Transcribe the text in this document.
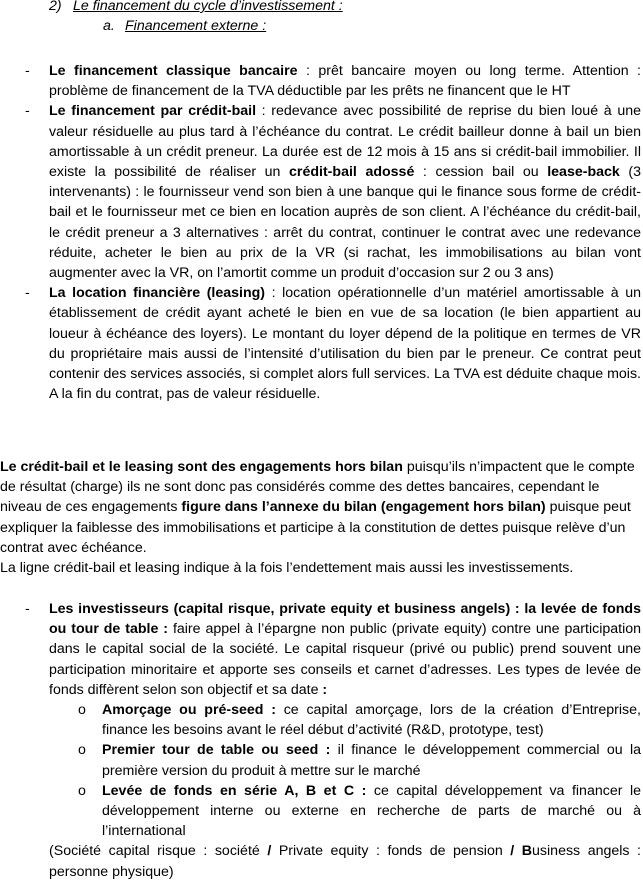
2) Le financement du cycle d’investissement :
a. Financement externe :
- Le financement classique bancaire : prêt bancaire moyen ou long terme. Attention : problème de financement de la TVA déductible par les prêts ne financent que le HT
- Le financement par crédit-bail : redevance avec possibilité de reprise du bien loué à une valeur résiduelle au plus tard à l’échéance du contrat. Le crédit bailleur donne à bail un bien amortissable à un crédit preneur. La durée est de 12 mois à 15 ans si crédit-bail immobilier. Il existe la possibilité de réaliser un crédit-bail adossé : cession bail ou lease-back (3 intervenants) : le fournisseur vend son bien à une banque qui le finance sous forme de crédit-bail et le fournisseur met ce bien en location auprès de son client. A l’échéance du crédit-bail, le crédit preneur a 3 alternatives : arrêt du contrat, continuer le contrat avec une redevance réduite, acheter le bien au prix de la VR (si rachat, les immobilisations au bilan vont augmenter avec la VR, on l’amortit comme un produit d’occasion sur 2 ou 3 ans)
- La location financière (leasing) : location opérationnelle d’un matériel amortissable à un établissement de crédit ayant acheté le bien en vue de sa location (le bien appartient au loueur à échéance des loyers). Le montant du loyer dépend de la politique en termes de VR du propriétaire mais aussi de l’intensité d’utilisation du bien par le preneur. Ce contrat peut contenir des services associés, si complet alors full services. La TVA est déduite chaque mois. A la fin du contrat, pas de valeur résiduelle.

Le crédit-bail et le leasing sont des engagements hors bilan puisqu’ils n’impactent que le compte de résultat (charge) ils ne sont donc pas considérés comme des dettes bancaires, cependant le niveau de ces engagements figure dans l’annexe du bilan (engagement hors bilan) puisque peut expliquer la faiblesse des immobilisations et participe à la constitution de dettes puisque relève d’un contrat avec échéance.

La ligne crédit-bail et leasing indique à la fois l’endettement mais aussi les investissements.

- Les investisseurs (capital risque, private equity et business angels) : la levée de fonds ou tour de table : faire appel à l’épargne non public (private equity) contre une participation dans le capital social de la société. Le capital risqueur (privé ou public) prend souvent une participation minoritaire et apporte ses conseils et carnet d’adresses. Les types de levée de fonds diffèrent selon son objectif et sa date :
o Amorçage ou pré-seed : ce capital amorçage, lors de la création d’Entreprise, finance les besoins avant le réel début d’activité (R&D, prototype, test)
o Premier tour de table ou seed : il finance le développement commercial ou la première version du produit à mettre sur le marché
o Levée de fonds en série A, B et C : ce capital développement va financer le développement interne ou externe en recherche de parts de marché ou à l’international
(Société capital risque : société / Private equity : fonds de pension / Business angels : personne physique)
